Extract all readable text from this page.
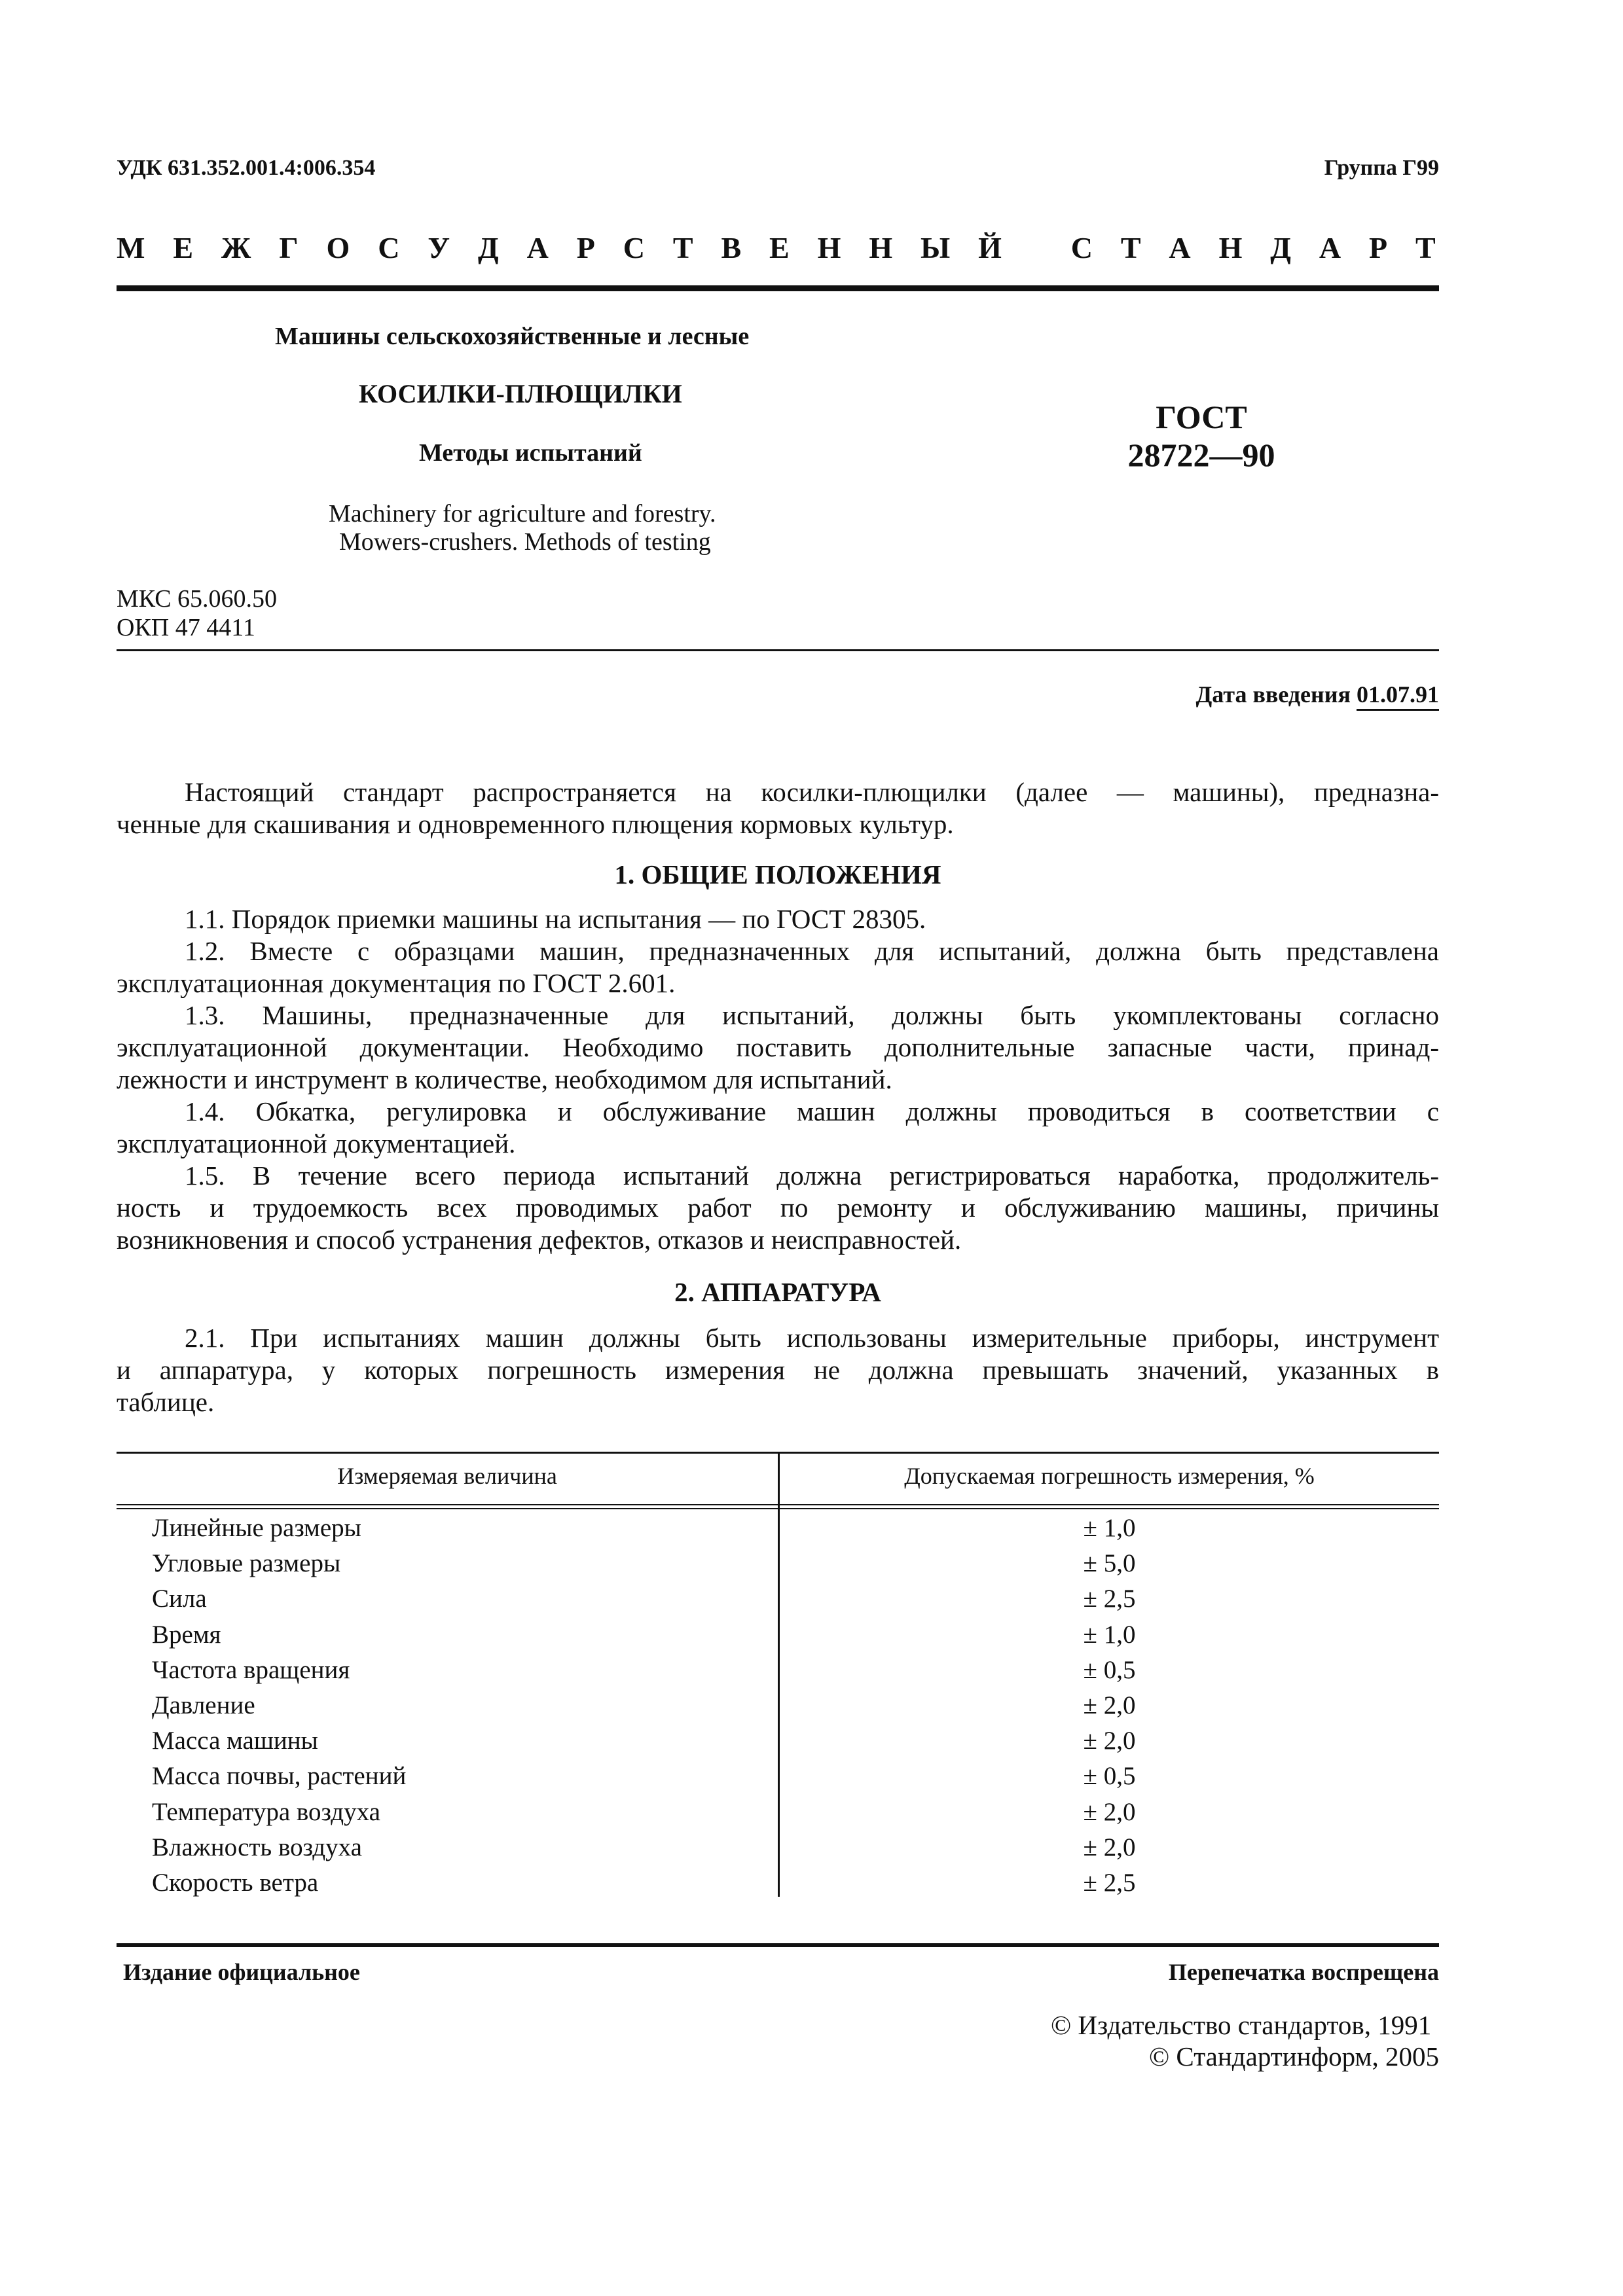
УДК 631.352.001.4:006.354	Группа Г99
М Е Ж Г О С У Д А Р С Т В Е Н Н Ы Й С Т А Н Д А Р Т
Машины сельскохозяйственные и лесные
КОСИЛКИ-ПЛЮЩИЛКИ
Методы испытаний
Machinery for agriculture and forestry.
Mowers-crushers. Methods of testing
ГОСТ
28722—90
МКС 65.060.50
ОКП 47 4411
Дата введения 01.07.91
Настоящий стандарт распространяется на косилки-плющилки (далее — машины), предназна-
ченные для скашивания и одновременного плющения кормовых культур.
1. ОБЩИЕ ПОЛОЖЕНИЯ
1.1. Порядок приемки машины на испытания — по ГОСТ 28305.
1.2. Вместе с образцами машин, предназначенных для испытаний, должна быть представлена
эксплуатационная документация по ГОСТ 2.601.
1.3. Машины, предназначенные для испытаний, должны быть укомплектованы согласно
эксплуатационной документации. Необходимо поставить дополнительные запасные части, принад-
лежности и инструмент в количестве, необходимом для испытаний.
1.4. Обкатка, регулировка и обслуживание машин должны проводиться в соответствии с
эксплуатационной документацией.
1.5. В течение всего периода испытаний должна регистрироваться наработка, продолжитель-
ность и трудоемкость всех проводимых работ по ремонту и обслуживанию машины, причины
возникновения и способ устранения дефектов, отказов и неисправностей.
2. АППАРАТУРА
2.1. При испытаниях машин должны быть использованы измерительные приборы, инструмент
и аппаратура, у которых погрешность измерения не должна превышать значений, указанных в
таблице.
Измеряемая величина	Допускаемая погрешность измерения, %
Линейные размеры	± 1,0
Угловые размеры	± 5,0
Сила	± 2,5
Время	± 1,0
Частота вращения	± 0,5
Давление	± 2,0
Масса машины	± 2,0
Масса почвы, растений	± 0,5
Температура воздуха	± 2,0
Влажность воздуха	± 2,0
Скорость ветра	± 2,5
Издание официальное	Перепечатка воспрещена
© Издательство стандартов, 1991
© Стандартинформ, 2005
